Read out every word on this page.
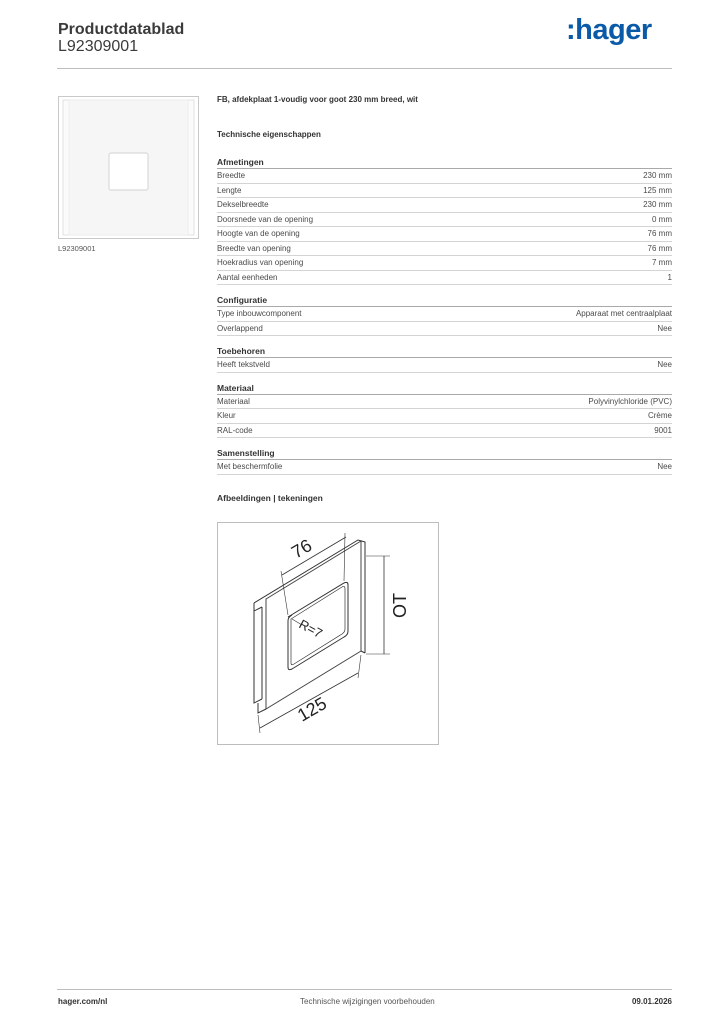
Productdatablad
L92309001
:hager
L92309001
FB, afdekplaat 1-voudig voor goot 230 mm breed, wit
Technische eigenschappen
Afmetingen
Breedte	230 mm
Lengte	125 mm
Dekselbreedte	230 mm
Doorsnede van de opening	0 mm
Hoogte van de opening	76 mm
Breedte van opening	76 mm
Hoekradius van opening	7 mm
Aantal eenheden	1
Configuratie
Type inbouwcomponent	Apparaat met centraalplaat
Overlappend	Nee
Toebehoren
Heeft tekstveld	Nee
Materiaal
Materiaal	Polyvinylchloride (PVC)
Kleur	Crème
RAL-code	9001
Samenstelling
Met beschermfolie	Nee
Afbeeldingen | tekeningen
76
OT
R=7
125
hager.com/nl	Technische wijzigingen voorbehouden	09.01.2026
